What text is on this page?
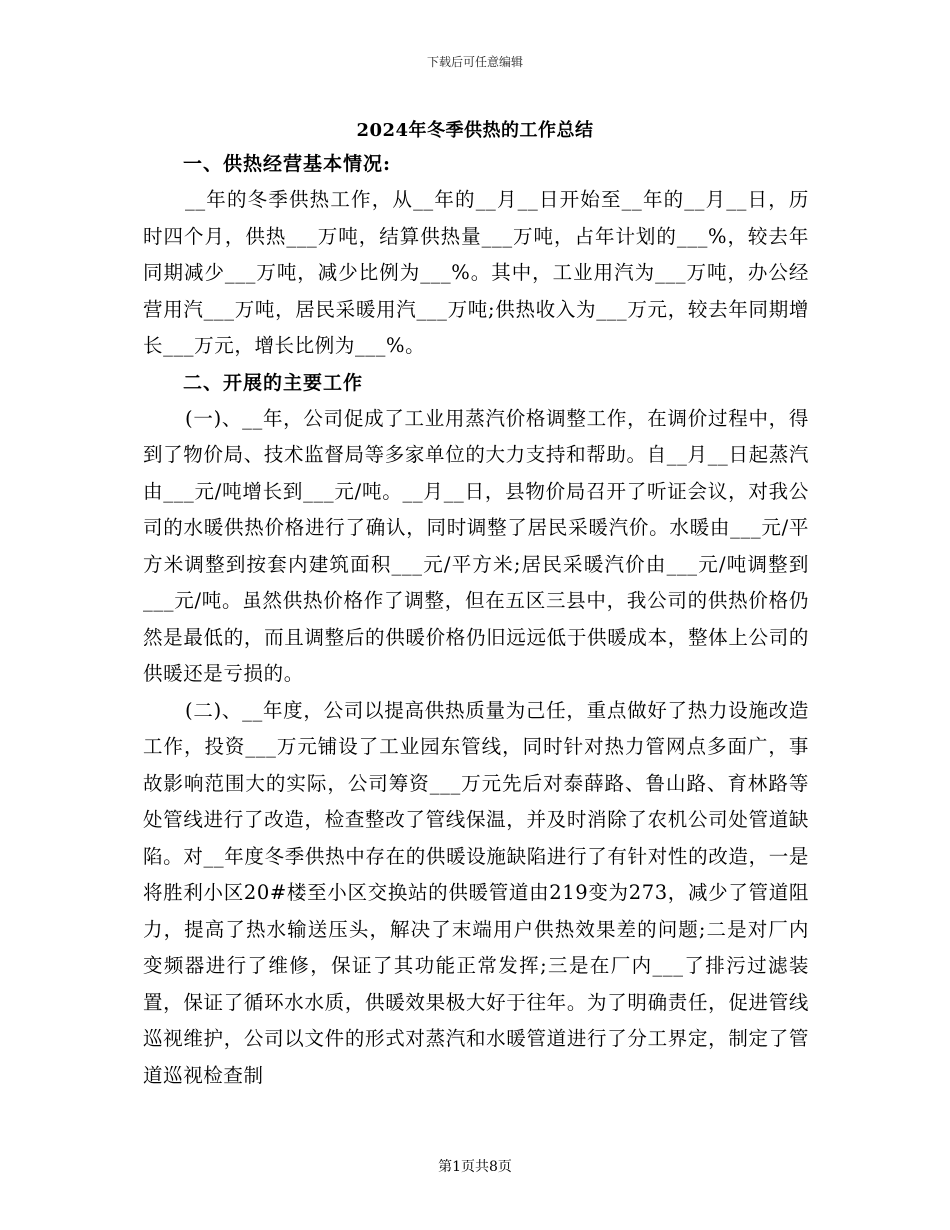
下载后可任意编辑
2024年冬季供热的工作总结

一、供热经营基本情况:

__年的冬季供热工作，从__年的__月__日开始至__年的__月__日，历时四个月，供热___万吨，结算供热量___万吨，占年计划的___%，较去年同期减少___万吨，减少比例为___%。其中，工业用汽为___万吨，办公经营用汽___万吨，居民采暖用汽___万吨;供热收入为___万元，较去年同期增长___万元，增长比例为___%。

二、开展的主要工作

(一)、__年，公司促成了工业用蒸汽价格调整工作，在调价过程中，得到了物价局、技术监督局等多家单位的大力支持和帮助。自__月__日起蒸汽由___元/吨增长到___元/吨。__月__日，县物价局召开了听证会议，对我公司的水暖供热价格进行了确认，同时调整了居民采暖汽价。水暖由___元/平方米调整到按套内建筑面积___元/平方米;居民采暖汽价由___元/吨调整到___元/吨。虽然供热价格作了调整，但在五区三县中，我公司的供热价格仍然是最低的，而且调整后的供暖价格仍旧远远低于供暖成本，整体上公司的供暖还是亏损的。

(二)、__年度，公司以提高供热质量为己任，重点做好了热力设施改造工作，投资___万元铺设了工业园东管线，同时针对热力管网点多面广，事故影响范围大的实际，公司筹资___万元先后对泰薛路、鲁山路、育林路等处管线进行了改造，检查整改了管线保温，并及时消除了农机公司处管道缺陷。对__年度冬季供热中存在的供暖设施缺陷进行了有针对性的改造，一是将胜利小区20#楼至小区交换站的供暖管道由219变为273，减少了管道阻力，提高了热水输送压头，解决了末端用户供热效果差的问题;二是对厂内变频器进行了维修，保证了其功能正常发挥;三是在厂内___了排污过滤装置，保证了循环水水质，供暖效果极大好于往年。为了明确责任，促进管线巡视维护，公司以文件的形式对蒸汽和水暖管道进行了分工界定，制定了管道巡视检查制

第1页共8页
